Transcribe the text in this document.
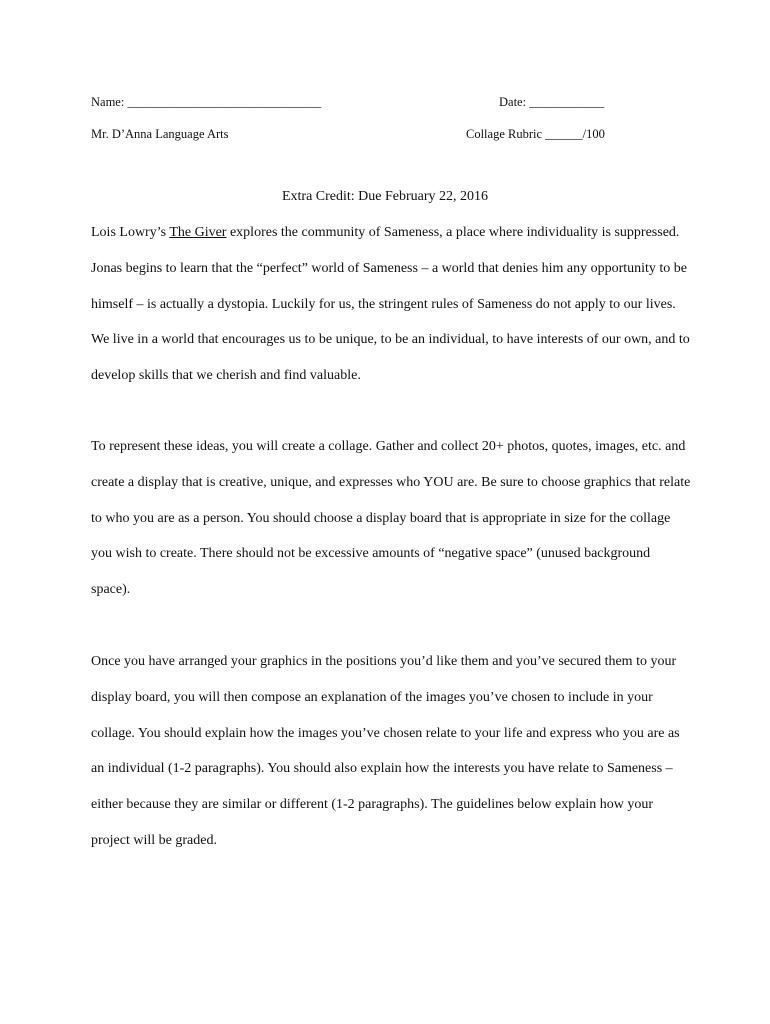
Name: _______________________________	Date: ____________
Mr. D’Anna Language Arts	Collage Rubric ______/100
Extra Credit: Due February 22, 2016

Lois Lowry’s The Giver explores the community of Sameness, a place where individuality is suppressed. Jonas begins to learn that the “perfect” world of Sameness – a world that denies him any opportunity to be himself – is actually a dystopia. Luckily for us, the stringent rules of Sameness do not apply to our lives. We live in a world that encourages us to be unique, to be an individual, to have interests of our own, and to develop skills that we cherish and find valuable.

To represent these ideas, you will create a collage. Gather and collect 20+ photos, quotes, images, etc. and create a display that is creative, unique, and expresses who YOU are. Be sure to choose graphics that relate to who you are as a person. You should choose a display board that is appropriate in size for the collage you wish to create. There should not be excessive amounts of “negative space” (unused background space).

Once you have arranged your graphics in the positions you’d like them and you’ve secured them to your display board, you will then compose an explanation of the images you’ve chosen to include in your collage. You should explain how the images you’ve chosen relate to your life and express who you are as an individual (1-2 paragraphs). You should also explain how the interests you have relate to Sameness – either because they are similar or different (1-2 paragraphs). The guidelines below explain how your project will be graded.
